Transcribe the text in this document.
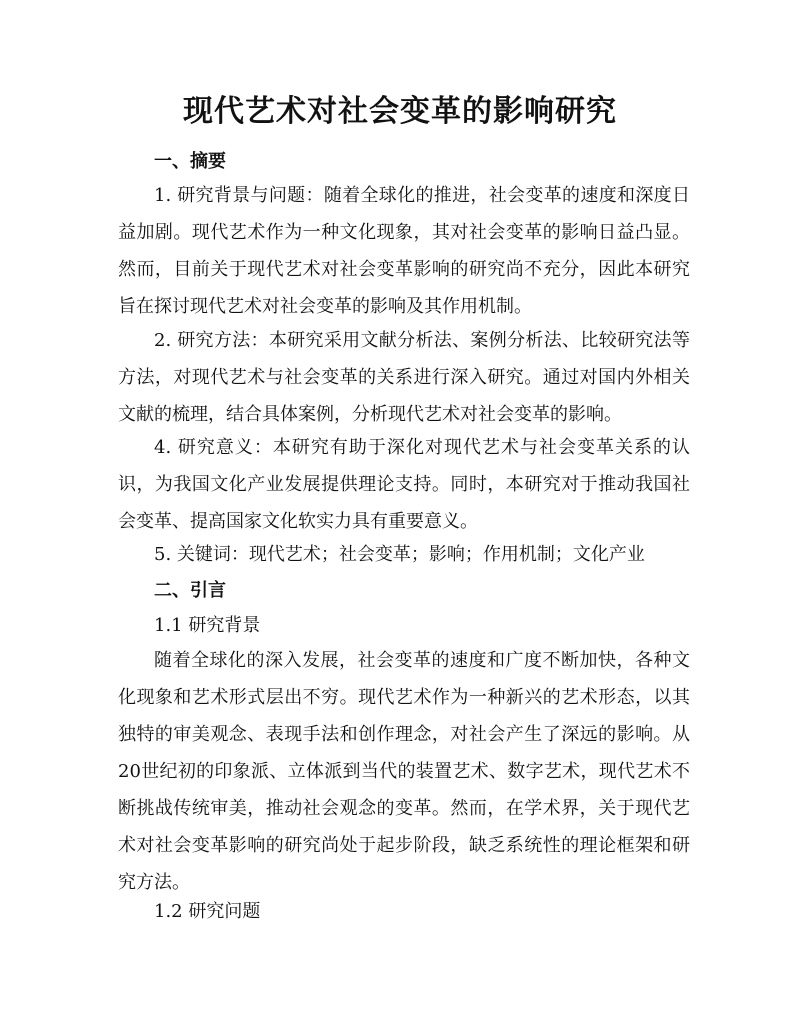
现代艺术对社会变革的影响研究
一、摘要

1. 研究背景与问题：随着全球化的推进，社会变革的速度和深度日益加剧。现代艺术作为一种文化现象，其对社会变革的影响日益凸显。然而，目前关于现代艺术对社会变革影响的研究尚不充分，因此本研究旨在探讨现代艺术对社会变革的影响及其作用机制。

2. 研究方法：本研究采用文献分析法、案例分析法、比较研究法等方法，对现代艺术与社会变革的关系进行深入研究。通过对国内外相关文献的梳理，结合具体案例，分析现代艺术对社会变革的影响。

4. 研究意义：本研究有助于深化对现代艺术与社会变革关系的认识，为我国文化产业发展提供理论支持。同时，本研究对于推动我国社会变革、提高国家文化软实力具有重要意义。

5. 关键词：现代艺术；社会变革；影响；作用机制；文化产业

二、引言
1.1 研究背景

随着全球化的深入发展，社会变革的速度和广度不断加快，各种文化现象和艺术形式层出不穷。现代艺术作为一种新兴的艺术形态，以其独特的审美观念、表现手法和创作理念，对社会产生了深远的影响。从20世纪初的印象派、立体派到当代的装置艺术、数字艺术，现代艺术不断挑战传统审美，推动社会观念的变革。然而，在学术界，关于现代艺术对社会变革影响的研究尚处于起步阶段，缺乏系统性的理论框架和研究方法。

1.2 研究问题
